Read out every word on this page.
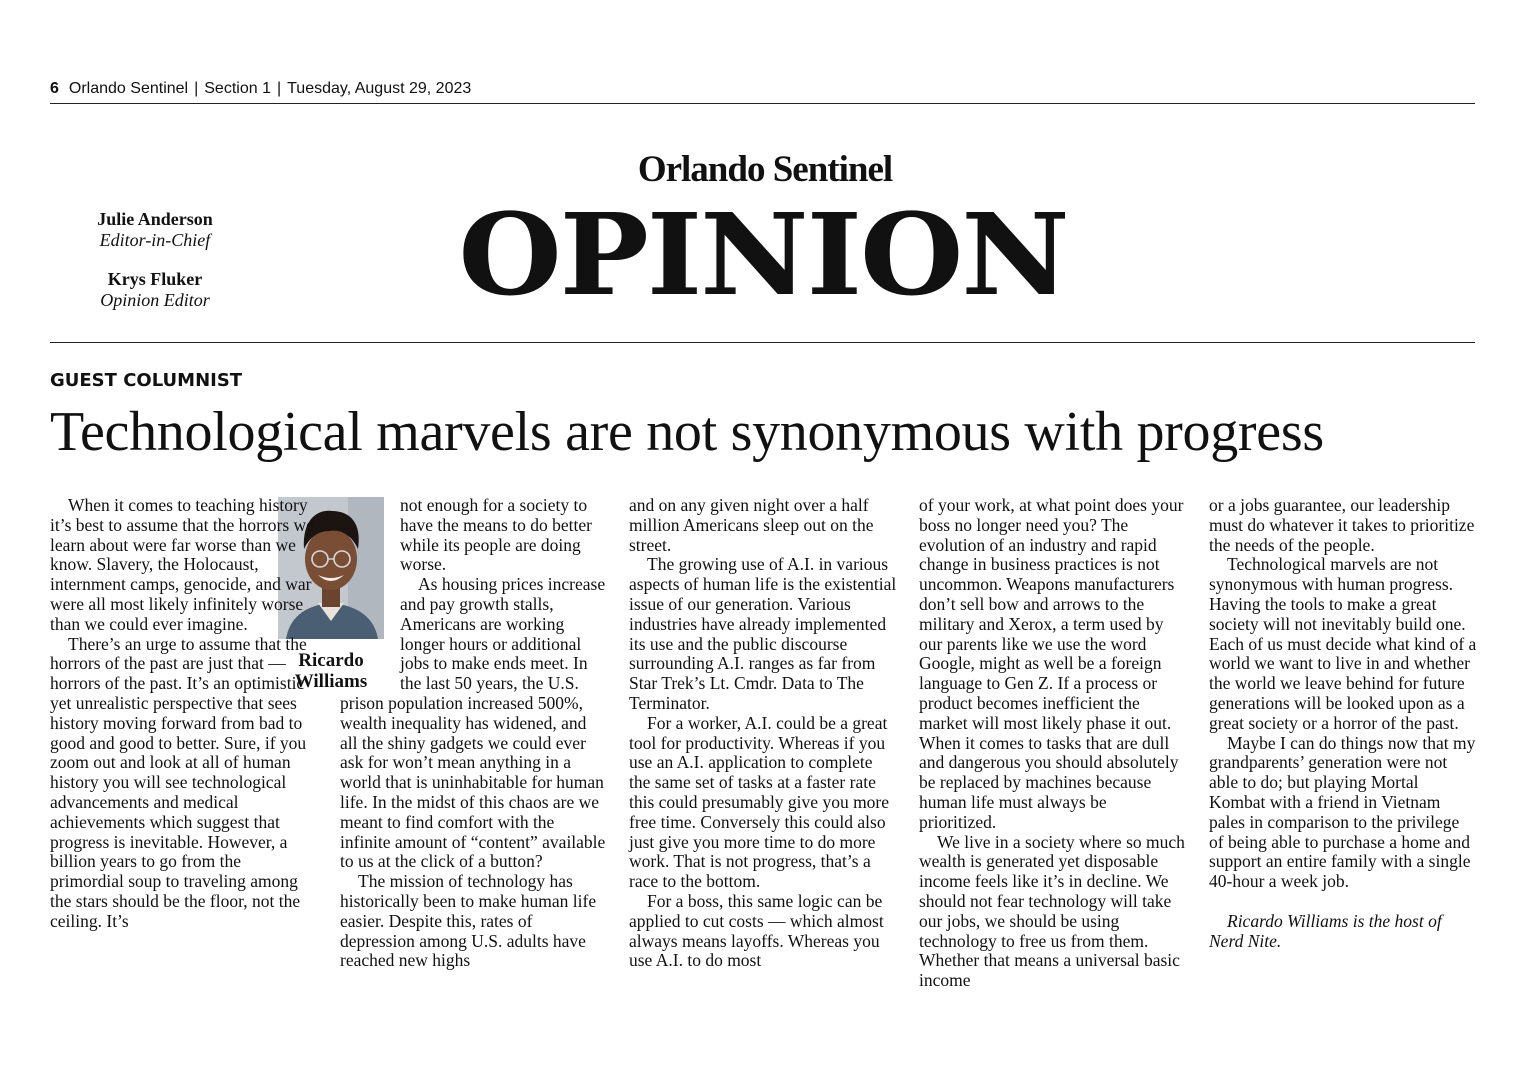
6 Orlando Sentinel | Section 1 | Tuesday, August 29, 2023
Julie Anderson
Editor-in-Chief
Krys Fluker
Opinion Editor
Orlando Sentinel
OPINION
GUEST COLUMNIST
Technological marvels are not synonymous with progress
Ricardo
Williams

When it comes to teaching history it’s best to assume that the horrors we learn about were far worse than we know. Slavery, the Holocaust, internment camps, genocide, and war were all most likely infinitely worse than we could ever imagine.

There’s an urge to assume that the horrors of the past are just that — horrors of the past. It’s an optimistic yet unrealistic perspective that sees history moving forward from bad to good and good to better. Sure, if you zoom out and look at all of human history you will see technological advancements and medical achievements which suggest that progress is inevitable. However, a billion years to go from the primordial soup to traveling among the stars should be the floor, not the ceiling. It’s

not enough for a society to have the means to do better while its people are doing worse.

As housing prices increase and pay growth stalls, Americans are working longer hours or additional jobs to make ends meet. In the last 50 years, the U.S. prison population increased 500%, wealth inequality has widened, and all the shiny gadgets we could ever ask for won’t mean anything in a world that is uninhabitable for human life. In the midst of this chaos are we meant to find comfort with the infinite amount of “content” available to us at the click of a button?

The mission of technology has historically been to make human life easier. Despite this, rates of depression among U.S. adults have reached new highs

and on any given night over a half million Americans sleep out on the street.

The growing use of A.I. in various aspects of human life is the existential issue of our generation. Various industries have already implemented its use and the public discourse surrounding A.I. ranges as far from Star Trek’s Lt. Cmdr. Data to The Terminator.

For a worker, A.I. could be a great tool for productivity. Whereas if you use an A.I. application to complete the same set of tasks at a faster rate this could presumably give you more free time. Conversely this could also just give you more time to do more work. That is not progress, that’s a race to the bottom.

For a boss, this same logic can be applied to cut costs — which almost always means layoffs. Whereas you use A.I. to do most

of your work, at what point does your boss no longer need you? The evolution of an industry and rapid change in business practices is not uncommon. Weapons manufacturers don’t sell bow and arrows to the military and Xerox, a term used by our parents like we use the word Google, might as well be a foreign language to Gen Z. If a process or product becomes inefficient the market will most likely phase it out. When it comes to tasks that are dull and dangerous you should absolutely be replaced by machines because human life must always be prioritized.

We live in a society where so much wealth is generated yet disposable income feels like it’s in decline. We should not fear technology will take our jobs, we should be using technology to free us from them. Whether that means a universal basic income

or a jobs guarantee, our leadership must do whatever it takes to prioritize the needs of the people.

Technological marvels are not synonymous with human progress. Having the tools to make a great society will not inevitably build one. Each of us must decide what kind of a world we want to live in and whether the world we leave behind for future generations will be looked upon as a great society or a horror of the past.

Maybe I can do things now that my grandparents’ generation were not able to do; but playing Mortal Kombat with a friend in Vietnam pales in comparison to the privilege of being able to purchase a home and support an entire family with a single 40-hour a week job.

Ricardo Williams is the host of Nerd Nite.
